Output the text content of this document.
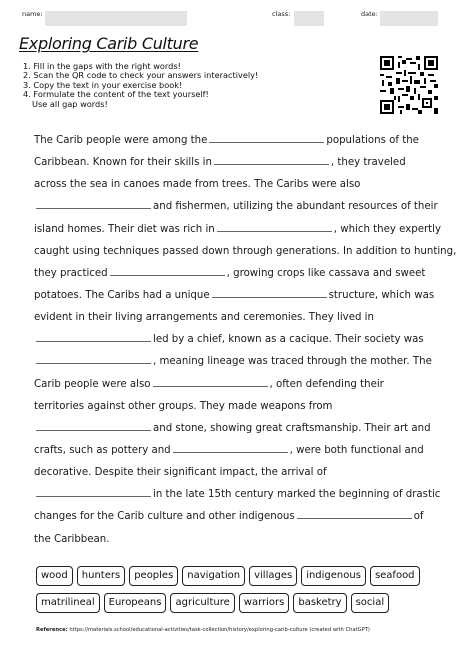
name:	class:	date:
Exploring Carib Culture
1. Fill in the gaps with the right words!
2. Scan the QR code to check your answers interactively!
3. Copy the text in your exercise book!
4. Formulate the content of the text yourself!
Use all gap words!
The Carib people were among the	populations of the
Caribbean. Known for their skills in	, they traveled
across the sea in canoes made from trees. The Caribs were also
and fishermen, utilizing the abundant resources of their
island homes. Their diet was rich in	, which they expertly
caught using techniques passed down through generations. In addition to hunting,
they practiced	, growing crops like cassava and sweet
potatoes. The Caribs had a unique	structure, which was
evident in their living arrangements and ceremonies. They lived in
led by a chief, known as a cacique. Their society was
, meaning lineage was traced through the mother. The
Carib people were also	, often defending their
territories against other groups. They made weapons from
and stone, showing great craftsmanship. Their art and
crafts, such as pottery and	, were both functional and
decorative. Despite their significant impact, the arrival of
in the late 15th century marked the beginning of drastic
changes for the Carib culture and other indigenous	of
the Caribbean.
wood	hunters	peoples	navigation	villages	indigenous	seafood
matrilineal	Europeans	agriculture	warriors	basketry	social
Reference: https://materials.school/educational-activities/task-collection/history/exploring-carib-culture (created with ChatGPT)
